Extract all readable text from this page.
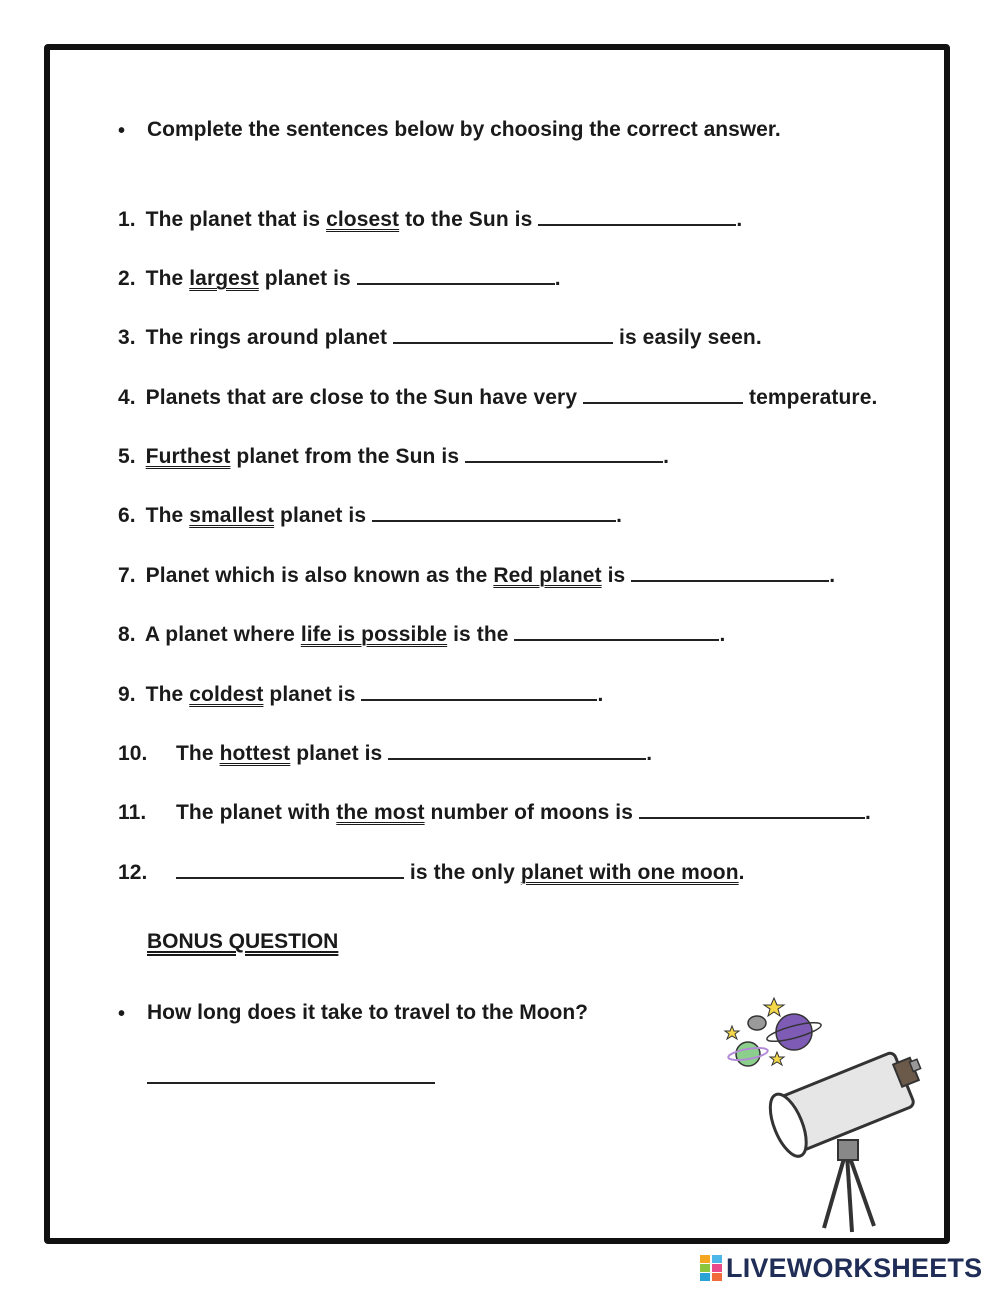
• Complete the sentences below by choosing the correct answer.
1. The planet that is closest to the Sun is	.
2. The largest planet is	.
3. The rings around planet	is easily seen.
4. Planets that are close to the Sun have very	temperature.
5. Furthest planet from the Sun is	.
6. The smallest planet is	.
7. Planet which is also known as the Red planet is	.
8. A planet where life is possible is the	.
9. The coldest planet is	.
10. The hottest planet is	.
11. The planet with the most number of moons is	.
12.	is the only planet with one moon.
BONUS QUESTION
• How long does it take to travel to the Moon?
LIVEWORKSHEETS
